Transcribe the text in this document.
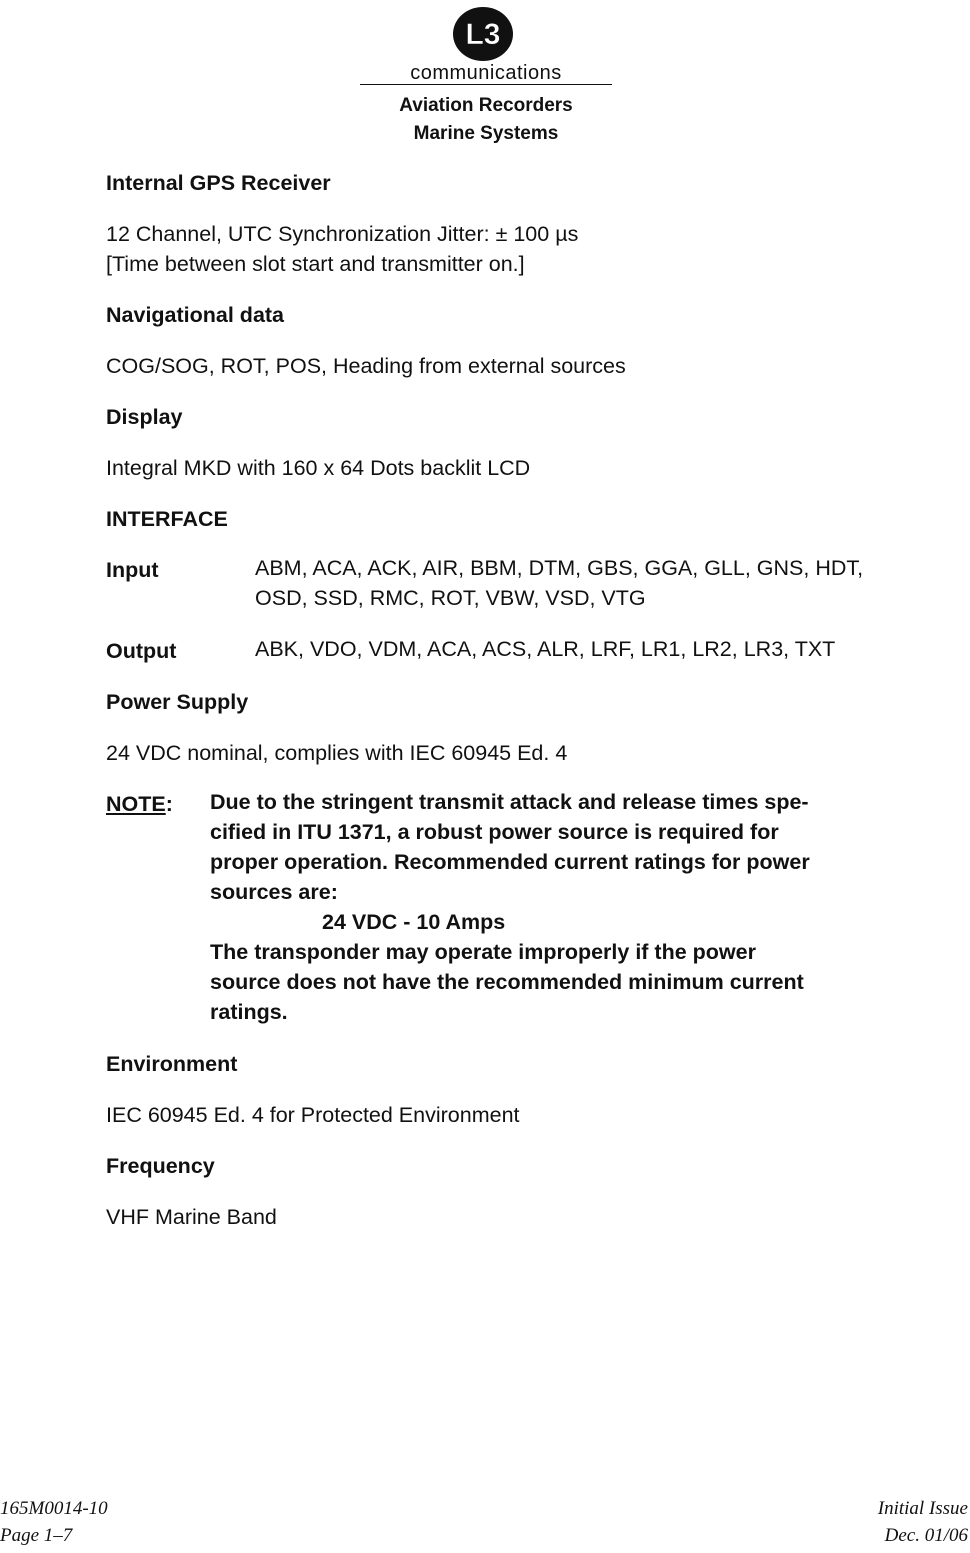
L3
communications
Aviation Recorders
Marine Systems
Internal GPS Receiver
12 Channel, UTC Synchronization Jitter: ± 100 µs
[Time between slot start and transmitter on.]
Navigational data
COG/SOG, ROT, POS, Heading from external sources
Display
Integral MKD with 160 x 64 Dots backlit LCD
INTERFACE
Input	ABM, ACA, ACK, AIR, BBM, DTM, GBS, GGA, GLL, GNS, HDT,
OSD, SSD, RMC, ROT, VBW, VSD, VTG
Output	ABK, VDO, VDM, ACA, ACS, ALR, LRF, LR1, LR2, LR3, TXT
Power Supply
24 VDC nominal, complies with IEC 60945 Ed. 4
NOTE: Due to the stringent transmit attack and release times spe-
cified in ITU 1371, a robust power source is required for
proper operation. Recommended current ratings for power
sources are:
24 VDC - 10 Amps
The transponder may operate improperly if the power
source does not have the recommended minimum current
ratings.
Environment
IEC 60945 Ed. 4 for Protected Environment
Frequency
VHF Marine Band
165M0014-10
Page 1–7
Initial Issue
Dec. 01/06
